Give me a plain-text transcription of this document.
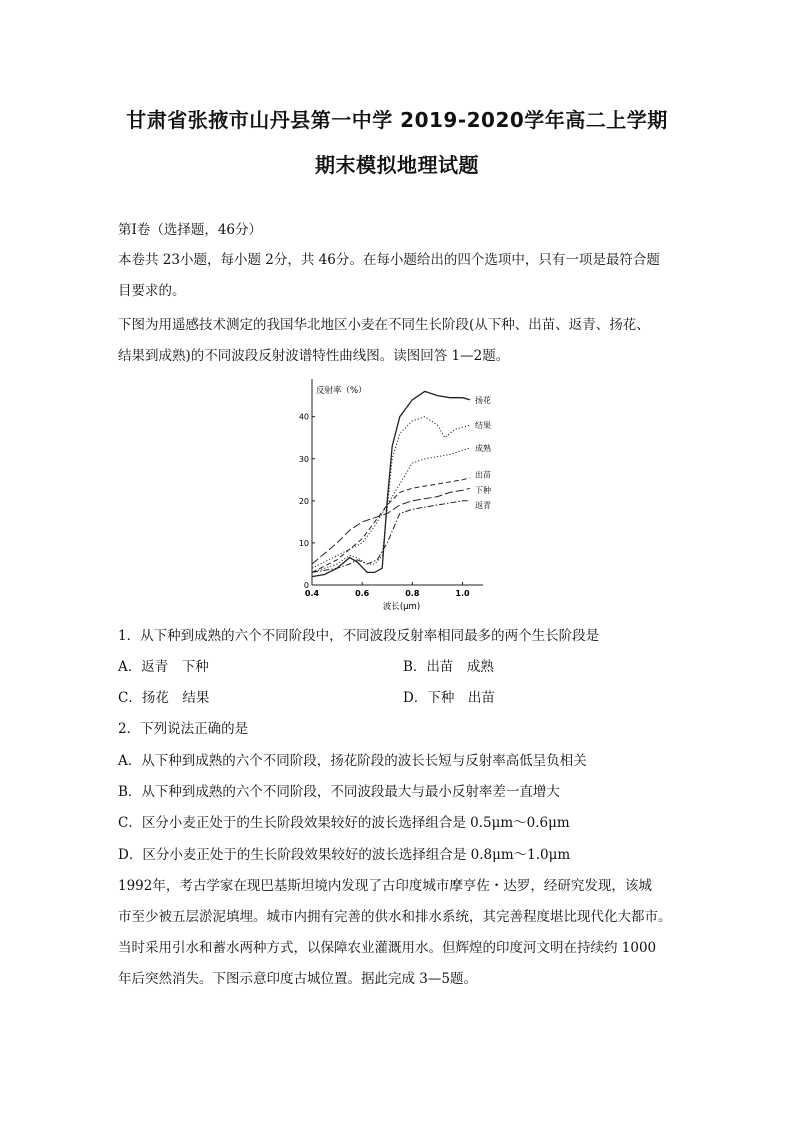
甘肃省张掖市山丹县第一中学 2019-2020学年高二上学期
期末模拟地理试题
第Ⅰ卷（选择题，46分）
本卷共 23小题，每小题 2分，共 46分。在每小题给出的四个选项中，只有一项是最符合题
目要求的。
下图为用遥感技术测定的我国华北地区小麦在不同生长阶段(从下种、出苗、返青、扬花、
结果到成熟)的不同波段反射波谱特性曲线图。读图回答 1—2题。
0
10
20
30
40
0.4	0.6	0.8	1.0
反射率（%）
波长(μm)
扬花
结果
成熟
出苗
下种
返青
1．从下种到成熟的六个不同阶段中，不同波段反射率相同最多的两个生长阶段是
A．返青　下种	B．出苗　成熟
C．扬花　结果	D．下种　出苗
2．下列说法正确的是
A．从下种到成熟的六个不同阶段，扬花阶段的波长长短与反射率高低呈负相关
B．从下种到成熟的六个不同阶段，不同波段最大与最小反射率差一直增大
C．区分小麦正处于的生长阶段效果较好的波长选择组合是 0.5μm～0.6μm
D．区分小麦正处于的生长阶段效果较好的波长选择组合是 0.8μm～1.0μm
1992年，考古学家在现巴基斯坦境内发现了古印度城市摩亨佐・达罗，经研究发现，该城
市至少被五层淤泥填埋。城市内拥有完善的供水和排水系统，其完善程度堪比现代化大都市。
当时采用引水和蓄水两种方式，以保障农业灌溉用水。但辉煌的印度河文明在持续约 1000
年后突然消失。下图示意印度古城位置。据此完成 3—5题。
